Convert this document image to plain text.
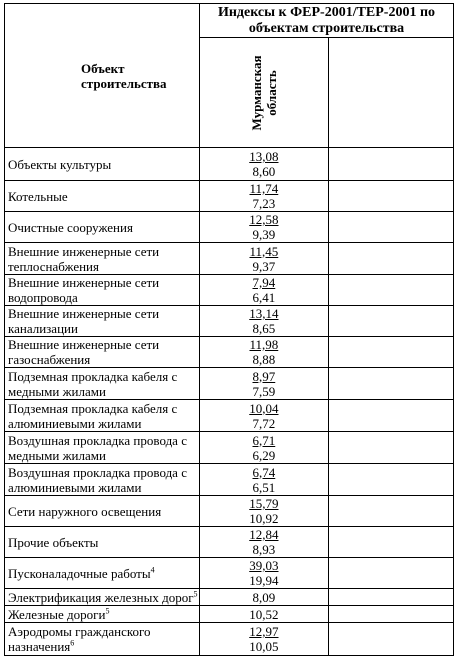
Объект
строительства	Индексы к ФЕР-2001/ТЕР-2001 по объектам строительства	

	Мурманская область	

Объекты культуры	13,08
8,60	

Котельные	11,74
7,23	

Очистные сооружения	12,58
9,39	

Внешние инженерные сети теплоснабжения	11,45
9,37	

Внешние инженерные сети водопровода	7,94
6,41	

Внешние инженерные сети канализации	13,14
8,65	

Внешние инженерные сети газоснабжения	11,98
8,88	

Подземная прокладка кабеля с медными жилами	8,97
7,59	

Подземная прокладка кабеля с алюминиевыми жилами	10,04
7,72	

Воздушная прокладка провода с медными жилами	6,71
6,29	

Воздушная прокладка провода с алюминиевыми жилами	6,74
6,51	

Сети наружного освещения	15,79
10,92	

Прочие объекты	12,84
8,93	

Пусконаладочные работы$^4$	39,03
19,94	

Электрификация железных дорог$^5$	8,09	

Железные дороги$^5$	10,52	

Аэродромы гражданского назначения$^6$	12,97
10,05	
